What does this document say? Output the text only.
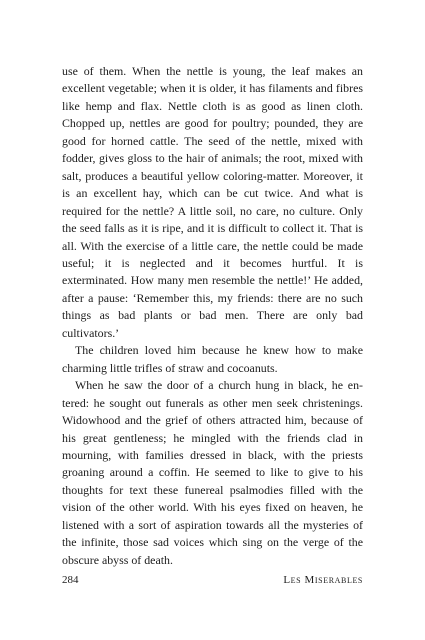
use of them. When the nettle is young, the leaf makes an excellent vegetable; when it is older, it has filaments and fibres like hemp and flax. Nettle cloth is as good as linen cloth. Chopped up, nettles are good for poultry; pounded, they are good for horned cattle. The seed of the nettle, mixed with fodder, gives gloss to the hair of animals; the root, mixed with salt, produces a beautiful yellow coloring-matter. Moreover, it is an excellent hay, which can be cut twice. And what is required for the nettle? A little soil, no care, no culture. Only the seed falls as it is ripe, and it is difficult to collect it. That is all. With the exercise of a little care, the nettle could be made useful; it is neglected and it becomes hurtful. It is exterminated. How many men resemble the nettle!’ He added, after a pause: ‘Remember this, my friends: there are no such things as bad plants or bad men. There are only bad cultivators.’

The children loved him because he knew how to make charming little trifles of straw and cocoanuts.

When he saw the door of a church hung in black, he entered: he sought out funerals as other men seek christenings. Widowhood and the grief of others attracted him, because of his great gentleness; he mingled with the friends clad in mourning, with families dressed in black, with the priests groaning around a coffin. He seemed to like to give to his thoughts for text these funereal psalmodies filled with the vision of the other world. With his eyes fixed on heaven, he listened with a sort of aspiration towards all the mysteries of the infinite, those sad voices which sing on the verge of the obscure abyss of death.

284	Les Miserables
